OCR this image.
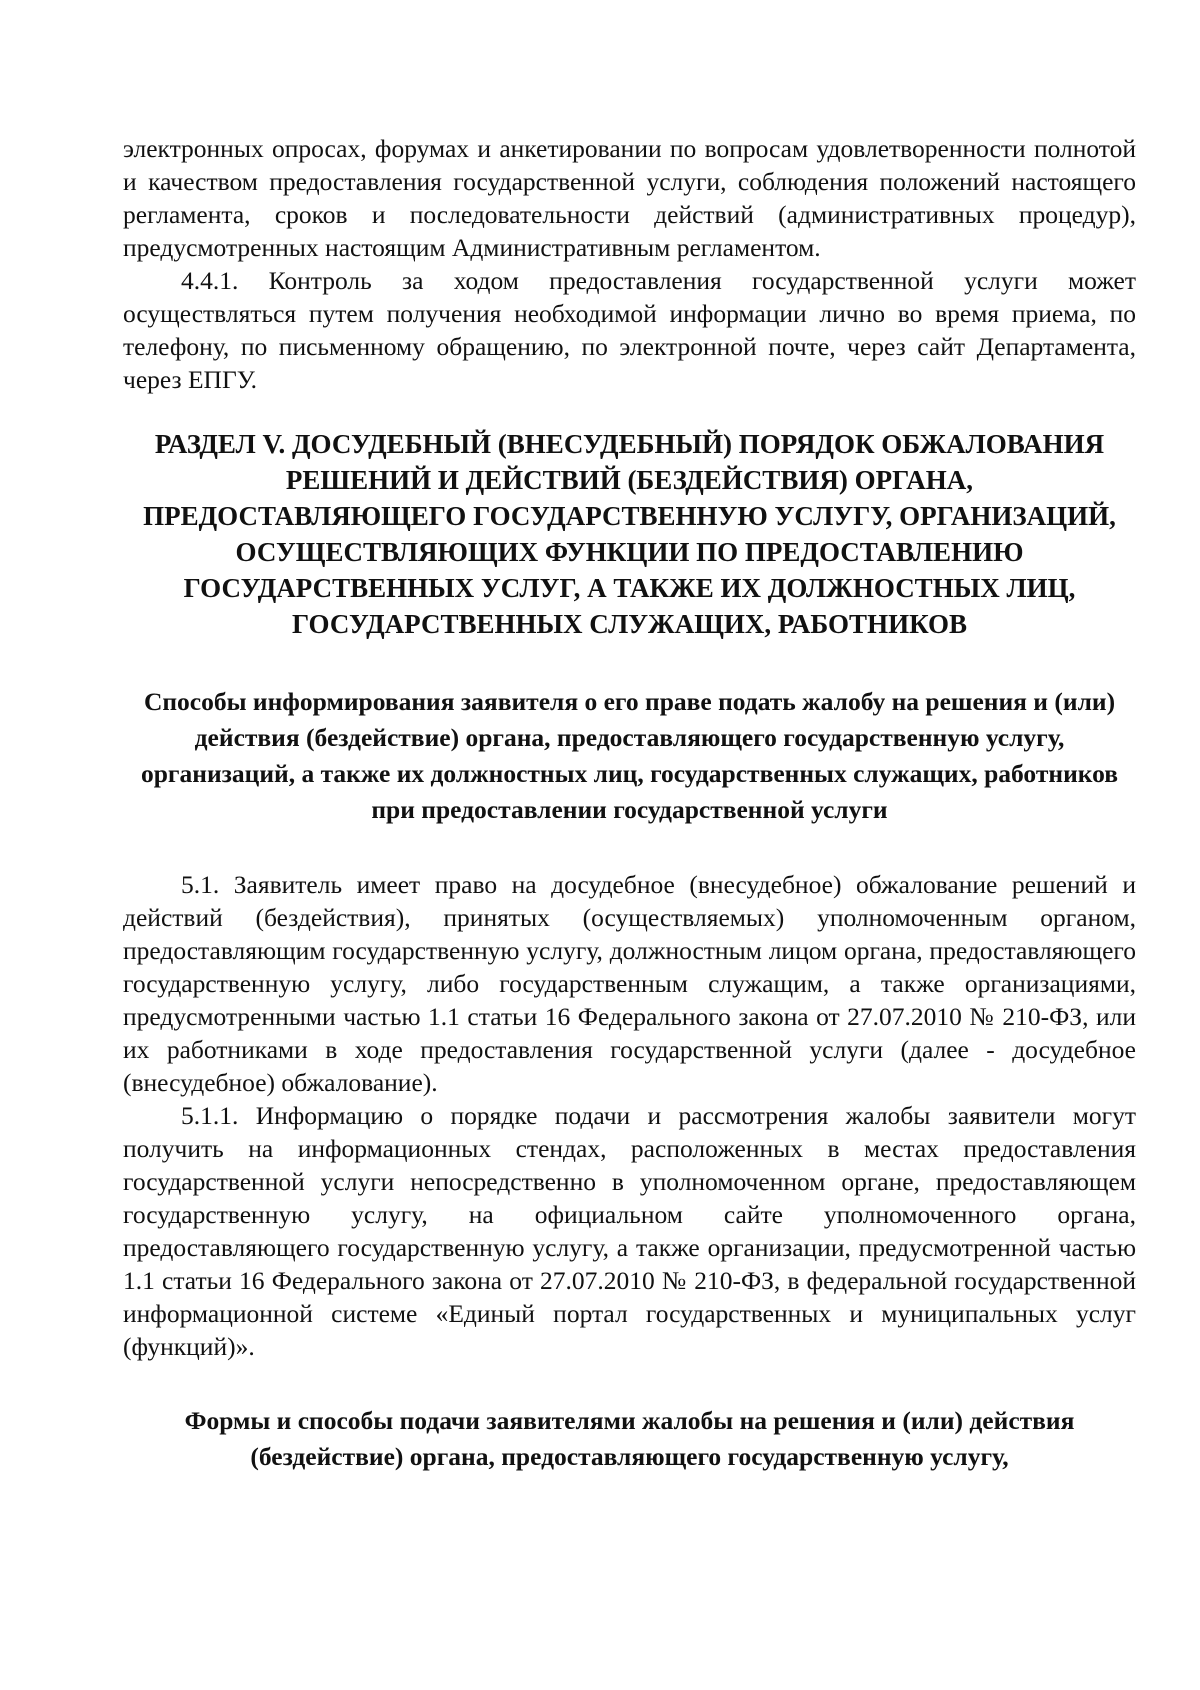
электронных опросах, форумах и анкетировании по вопросам удовлетворенности полнотой и качеством предоставления государственной услуги, соблюдения положений настоящего регламента, сроков и последовательности действий (административных процедур), предусмотренных настоящим Административным регламентом.

4.4.1. Контроль за ходом предоставления государственной услуги может осуществляться путем получения необходимой информации лично во время приема, по телефону, по письменному обращению, по электронной почте, через сайт Департамента, через ЕПГУ.

РАЗДЕЛ V. ДОСУДЕБНЫЙ (ВНЕСУДЕБНЫЙ) ПОРЯДОК ОБЖАЛОВАНИЯ РЕШЕНИЙ И ДЕЙСТВИЙ (БЕЗДЕЙСТВИЯ) ОРГАНА, ПРЕДОСТАВЛЯЮЩЕГО ГОСУДАРСТВЕННУЮ УСЛУГУ, ОРГАНИЗАЦИЙ, ОСУЩЕСТВЛЯЮЩИХ ФУНКЦИИ ПО ПРЕДОСТАВЛЕНИЮ ГОСУДАРСТВЕННЫХ УСЛУГ, А ТАКЖЕ ИХ ДОЛЖНОСТНЫХ ЛИЦ, ГОСУДАРСТВЕННЫХ СЛУЖАЩИХ, РАБОТНИКОВ
Способы информирования заявителя о его праве подать жалобу на решения и (или) действия (бездействие) органа, предоставляющего государственную услугу, организаций, а также их должностных лиц, государственных служащих, работников при предоставлении государственной услуги

5.1. Заявитель имеет право на досудебное (внесудебное) обжалование решений и действий (бездействия), принятых (осуществляемых) уполномоченным органом, предоставляющим государственную услугу, должностным лицом органа, предоставляющего государственную услугу, либо государственным служащим, а также организациями, предусмотренными частью 1.1 статьи 16 Федерального закона от 27.07.2010 № 210-ФЗ, или их работниками в ходе предоставления государственной услуги (далее - досудебное (внесудебное) обжалование).

5.1.1. Информацию о порядке подачи и рассмотрения жалобы заявители могут получить на информационных стендах, расположенных в местах предоставления государственной услуги непосредственно в уполномоченном органе, предоставляющем государственную услугу, на официальном сайте уполномоченного органа, предоставляющего государственную услугу, а также организации, предусмотренной частью 1.1 статьи 16 Федерального закона от 27.07.2010 № 210-ФЗ, в федеральной государственной информационной системе «Единый портал государственных и муниципальных услуг (функций)».

Формы и способы подачи заявителями жалобы на решения и (или) действия (бездействие) органа, предоставляющего государственную услугу,
